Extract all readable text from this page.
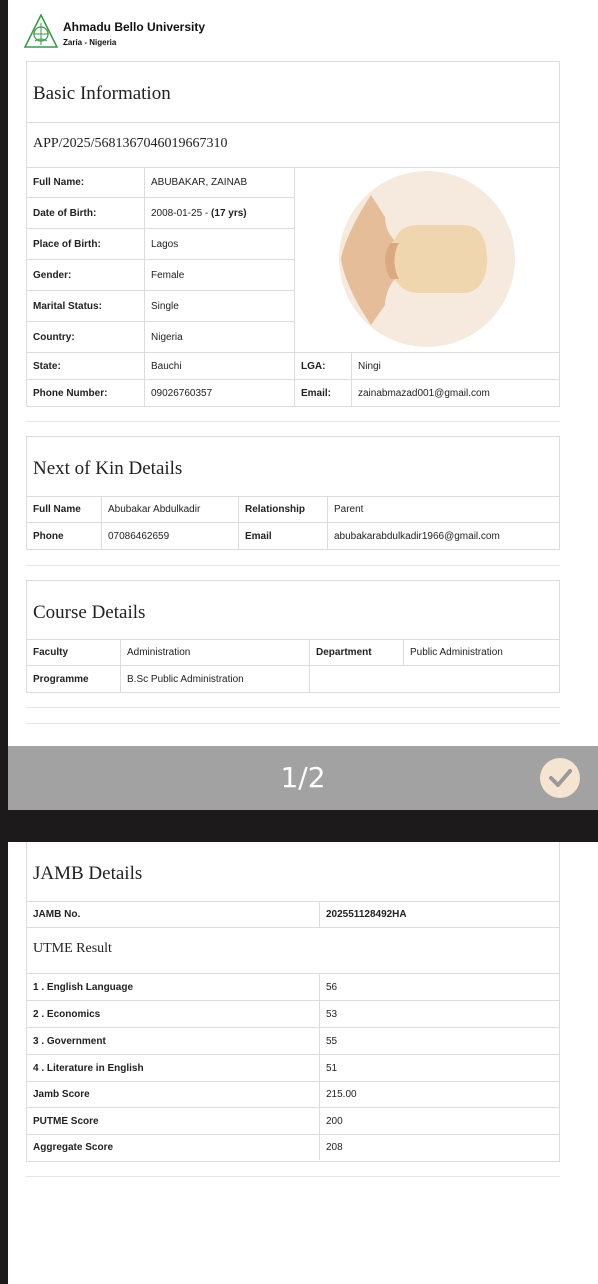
Ahmadu Bello University
Zaria - Nigeria
Basic Information
APP/2025/5681367046019667310
Full Name:	ABUBAKAR, ZAINAB
Date of Birth:	2008-01-25 - (17 yrs)
Place of Birth:	Lagos
Gender:	Female
Marital Status:	Single
Country:	Nigeria
State:	Bauchi	LGA:	Ningi
Phone Number:	09026760357	Email:	zainabmazad001@gmail.com
Next of Kin Details
Full Name	Abubakar Abdulkadir	Relationship	Parent
Phone	07086462659	Email	abubakarabdulkadir1966@gmail.com
Course Details
Faculty	Administration	Department	Public Administration
Programme	B.Sc Public Administration
1/2
JAMB Details
JAMB No.	202551128492HA
UTME Result
1 . English Language	56
2 . Economics	53
3 . Government	55
4 . Literature in English	51
Jamb Score	215.00
PUTME Score	200
Aggregate Score	208
